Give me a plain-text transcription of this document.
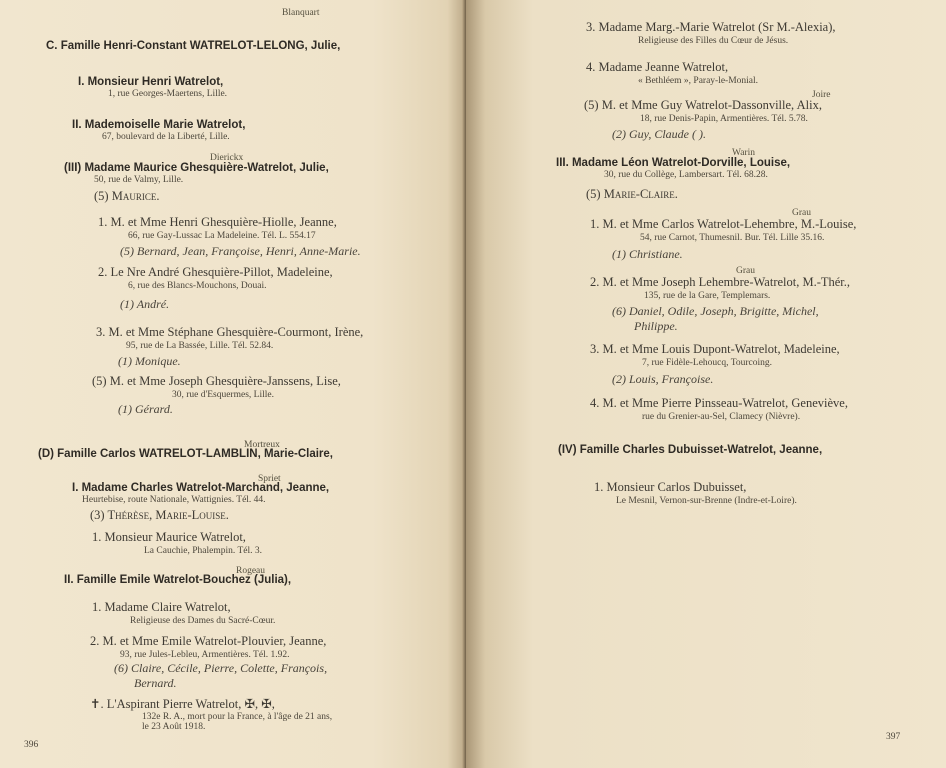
Blanquart
C. Famille Henri-Constant WATRELOT-LELONG, Julie,
I. Monsieur Henri Watrelot,
1, rue Georges-Maertens, Lille.
II. Mademoiselle Marie Watrelot,
67, boulevard de la Liberté, Lille.
Dierickx
(III) Madame Maurice Ghesquière-Watrelot, Julie,
50, rue de Valmy, Lille.
(5) Maurice.
1. M. et Mme Henri Ghesquière-Hiolle, Jeanne,
66, rue Gay-Lussac La Madeleine. Tél. L. 554.17
(5) Bernard, Jean, Françoise, Henri, Anne-Marie.
2. Le Nre André Ghesquière-Pillot, Madeleine,
6, rue des Blancs-Mouchons, Douai.
(1) André.
3. M. et Mme Stéphane Ghesquière-Courmont, Irène,
95, rue de La Bassée, Lille. Tél. 52.84.
(1) Monique.
(5) M. et Mme Joseph Ghesquière-Janssens, Lise,
30, rue d'Esquermes, Lille.
(1) Gérard.
Mortreux
(D) Famille Carlos WATRELOT-LAMBLIN, Marie-Claire,
Spriet
I. Madame Charles Watrelot-Marchand, Jeanne,
Heurtebise, route Nationale, Wattignies. Tél. 44.
(3) Thérèse, Marie-Louise.
1. Monsieur Maurice Watrelot,
La Cauchie, Phalempin. Tél. 3.
Rogeau
II. Famille Emile Watrelot-Bouchez (Julia),
1. Madame Claire Watrelot,
Religieuse des Dames du Sacré-Cœur.
2. M. et Mme Emile Watrelot-Plouvier, Jeanne,
93, rue Jules-Lebleu, Armentières. Tél. 1.92.
(6) Claire, Cécile, Pierre, Colette, François,
Bernard.
✝. L'Aspirant Pierre Watrelot, ✠, ✠,
132e R. A., mort pour la France, à l'âge de 21 ans,
le 23 Août 1918.
396
3. Madame Marg.-Marie Watrelot (Sr M.-Alexia),
Religieuse des Filles du Cœur de Jésus.
4. Madame Jeanne Watrelot,
« Bethléem », Paray-le-Monial.
Joire
(5) M. et Mme Guy Watrelot-Dassonville, Alix,
18, rue Denis-Papin, Armentières. Tél. 5.78.
(2) Guy, Claude ( ).
Warin
III. Madame Léon Watrelot-Dorville, Louise,
30, rue du Collège, Lambersart. Tél. 68.28.
(5) Marie-Claire.
Grau
1. M. et Mme Carlos Watrelot-Lehembre, M.-Louise,
54, rue Carnot, Thumesnil. Bur. Tél. Lille 35.16.
(1) Christiane.
Grau
2. M. et Mme Joseph Lehembre-Watrelot, M.-Thér.,
135, rue de la Gare, Templemars.
(6) Daniel, Odile, Joseph, Brigitte, Michel,
Philippe.
3. M. et Mme Louis Dupont-Watrelot, Madeleine,
7, rue Fidèle-Lehoucq, Tourcoing.
(2) Louis, Françoise.
4. M. et Mme Pierre Pinsseau-Watrelot, Geneviève,
rue du Grenier-au-Sel, Clamecy (Nièvre).
(IV) Famille Charles Dubuisset-Watrelot, Jeanne,
1. Monsieur Carlos Dubuisset,
Le Mesnil, Vernon-sur-Brenne (Indre-et-Loire).
397
